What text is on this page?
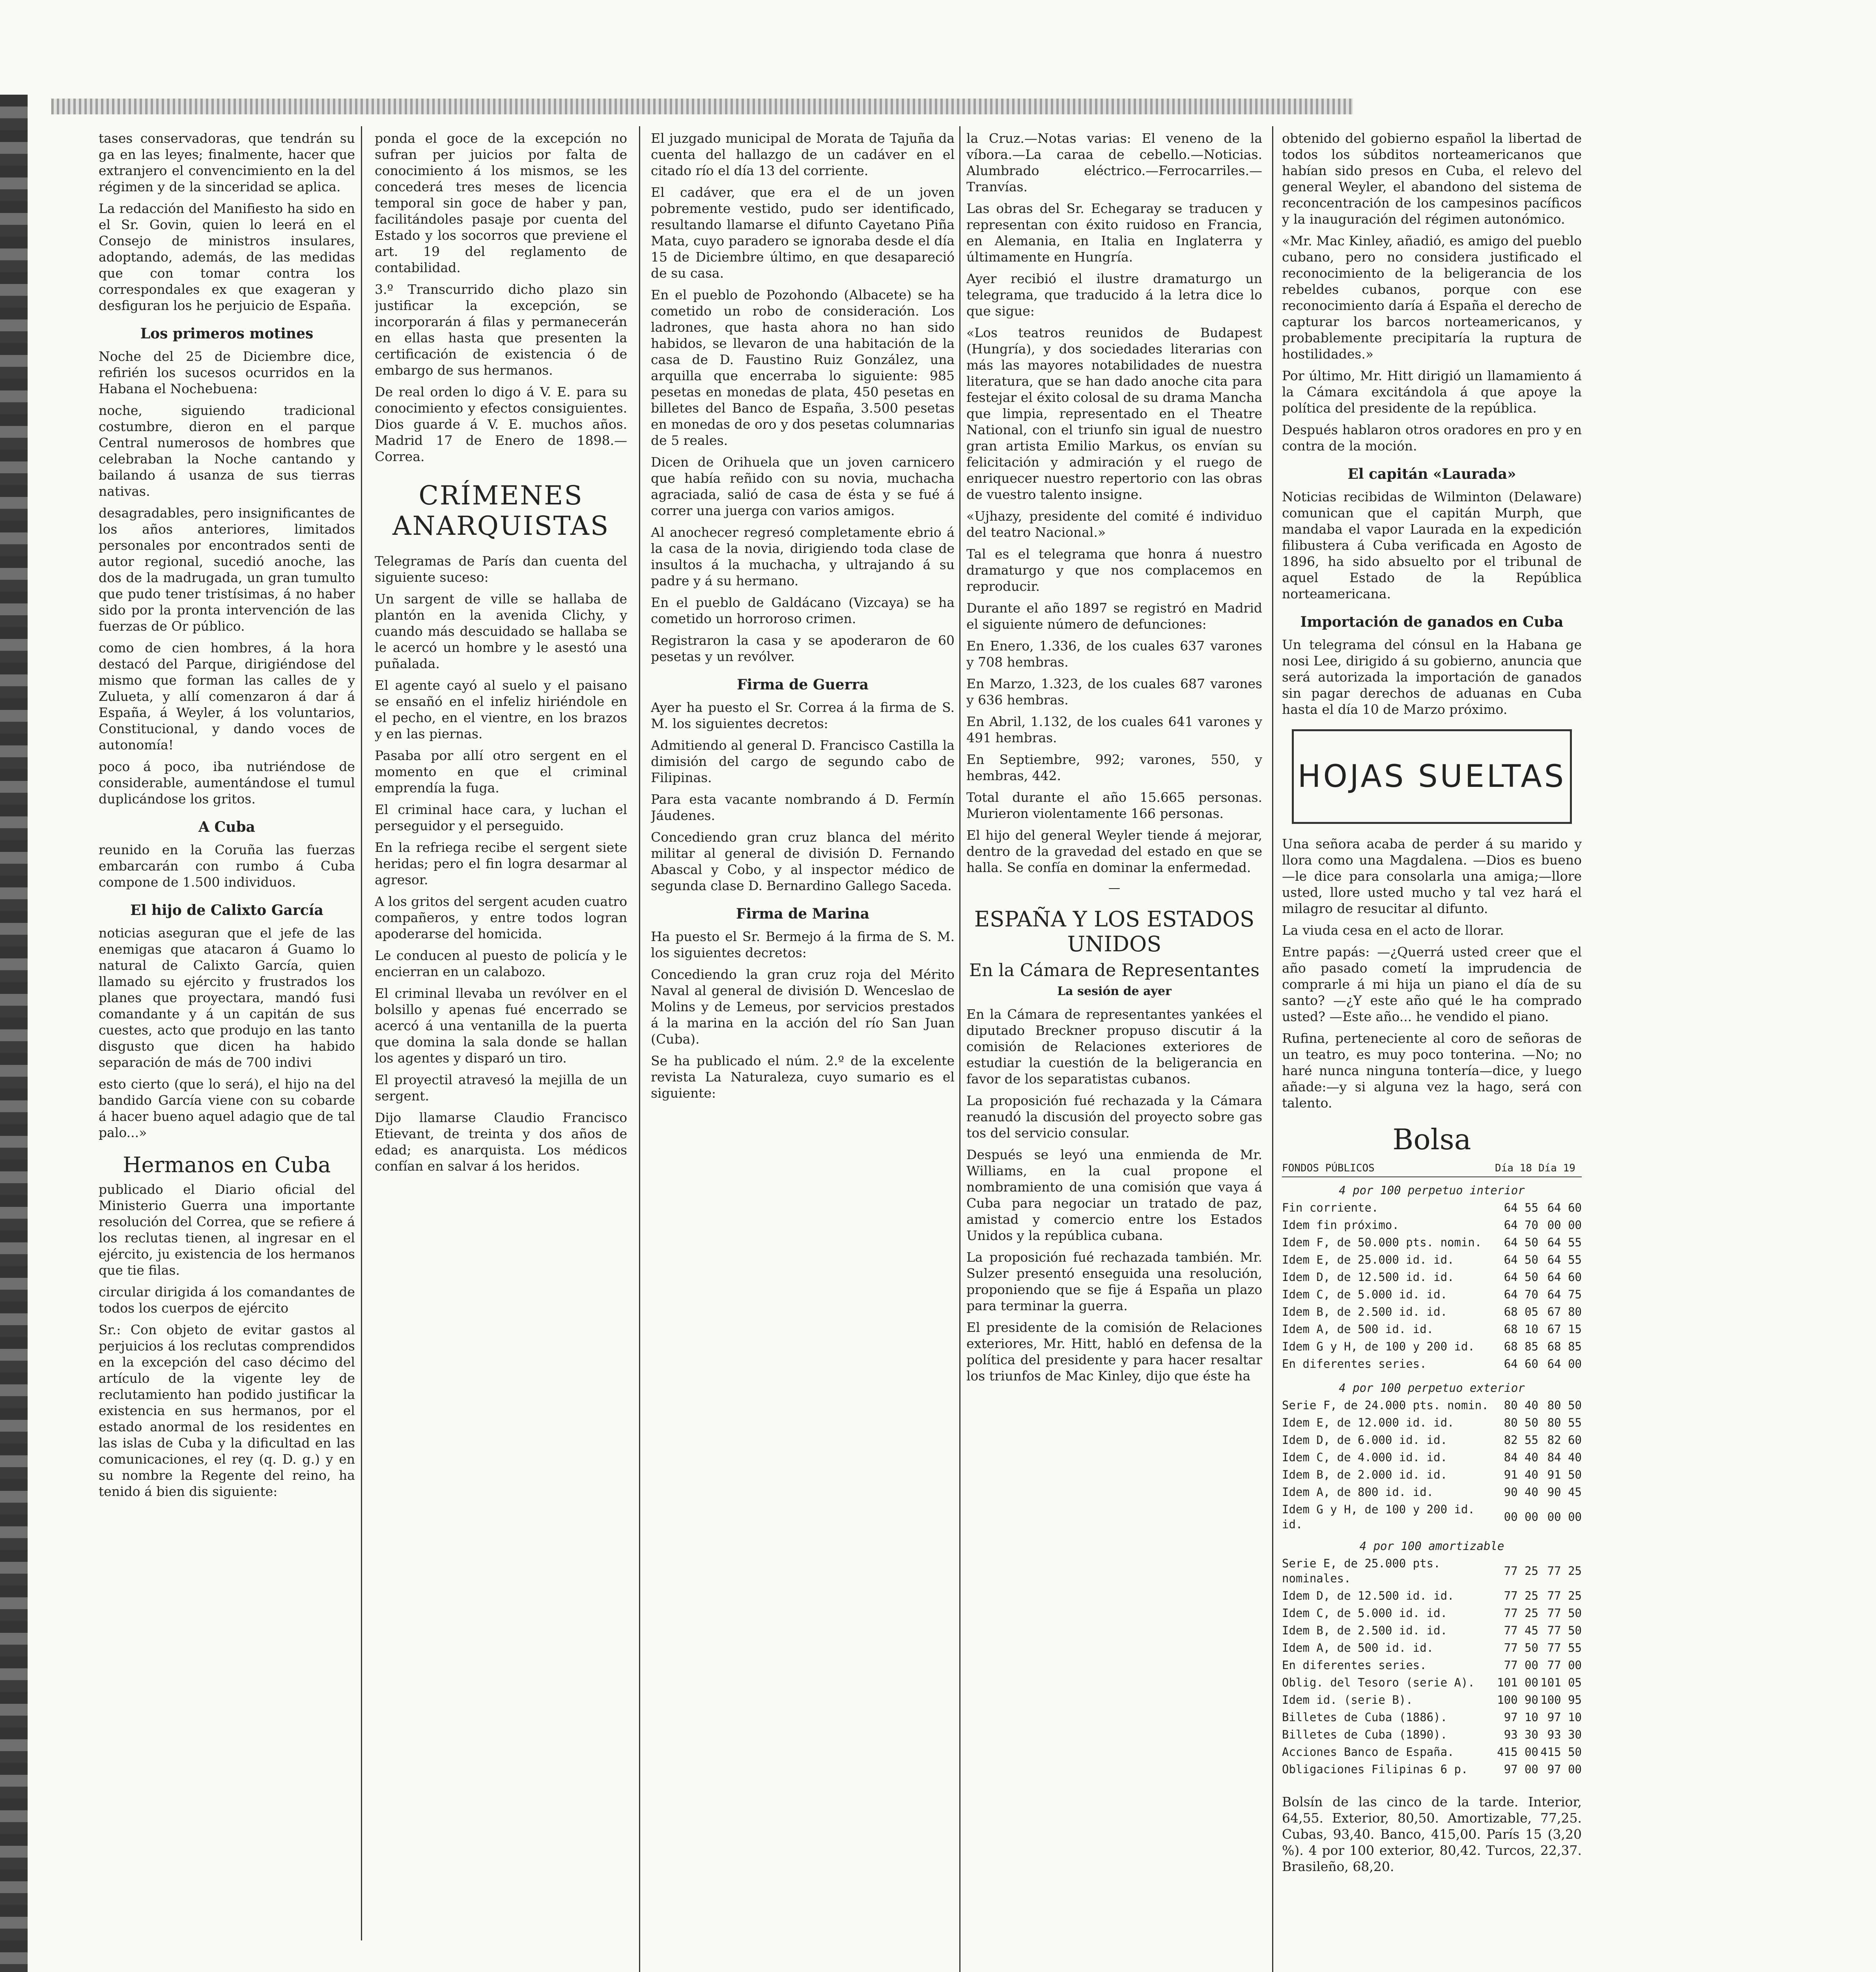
tases conservadoras, que tendrán su ga en las leyes; finalmente, hacer que extranjero el convencimiento en la del régimen y de la sinceridad se aplica.

La redacción del Manifiesto ha sido en el Sr. Govin, quien lo leerá en el Consejo de ministros insulares, adoptando, además, de las medidas que con tomar contra los correspondales ex que exageran y desfiguran los he perjuicio de España.

Los primeros motines

Noche del 25 de Diciembre dice, refirién los sucesos ocurridos en la Habana el Nochebuena:

noche, siguiendo tradicional costumbre, dieron en el parque Central numerosos de hombres que celebraban la Noche cantando y bailando á usanza de sus tierras nativas.

desagradables, pero insignificantes de los años anteriores, limitados personales por encontrados senti de autor regional, sucedió anoche, las dos de la madrugada, un gran tumulto que pudo tener tristísimas, á no haber sido por la pronta intervención de las fuerzas de Or público.

como de cien hombres, á la hora destacó del Parque, dirigiéndose del mismo que forman las calles de y Zulueta, y allí comenzaron á dar á España, á Weyler, á los voluntarios, Constitucional, y dando voces de autonomía!

poco á poco, iba nutriéndose de considerable, aumentándose el tumul duplicándose los gritos.

A Cuba

reunido en la Coruña las fuerzas embarcarán con rumbo á Cuba compone de 1.500 individuos.

El hijo de Calixto García

noticias aseguran que el jefe de las enemigas que atacaron á Guamo lo natural de Calixto García, quien llamado su ejército y frustrados los planes que proyectara, mandó fusi comandante y á un capitán de sus cuestes, acto que produjo en las tanto disgusto que dicen ha habido separación de más de 700 indivi

esto cierto (que lo será), el hijo na del bandido García viene con su cobarde á hacer bueno aquel adagio que de tal palo...»

Hermanos en Cuba

publicado el Diario oficial del Ministerio Guerra una importante resolución del Correa, que se refiere á los reclutas tienen, al ingresar en el ejército, ju existencia de los hermanos que tie filas.

circular dirigida á los comandantes de todos los cuerpos de ejército

Sr.: Con objeto de evitar gastos al perjuicios á los reclutas comprendidos en la excepción del caso décimo del artículo de la vigente ley de reclutamiento han podido justificar la existencia en sus hermanos, por el estado anormal de los residentes en las islas de Cuba y la dificultad en las comunicaciones, el rey (q. D. g.) y en su nombre la Regente del reino, ha tenido á bien dis siguiente:

ponda el goce de la excepción no sufran per juicios por falta de conocimiento á los mismos, se les concederá tres meses de licencia temporal sin goce de haber y pan, facilitándoles pasaje por cuenta del Estado y los socorros que previene el art. 19 del reglamento de contabilidad.

3.º Transcurrido dicho plazo sin justificar la excepción, se incorporarán á filas y permanecerán en ellas hasta que presenten la certificación de existencia ó de embargo de sus hermanos.

De real orden lo digo á V. E. para su conocimiento y efectos consiguientes. Dios guarde á V. E. muchos años. Madrid 17 de Enero de 1898.—Correa.

CRÍMENES ANARQUISTAS

Telegramas de París dan cuenta del siguiente suceso:

Un sargent de ville se hallaba de plantón en la avenida Clichy, y cuando más descuidado se hallaba se le acercó un hombre y le asestó una puñalada.

El agente cayó al suelo y el paisano se ensañó en el infeliz hiriéndole en el pecho, en el vientre, en los brazos y en las piernas.

Pasaba por allí otro sergent en el momento en que el criminal emprendía la fuga.

El criminal hace cara, y luchan el perseguidor y el perseguido.

En la refriega recibe el sergent siete heridas; pero el fin logra desarmar al agresor.

A los gritos del sergent acuden cuatro compañeros, y entre todos logran apoderarse del homicida.

Le conducen al puesto de policía y le encierran en un calabozo.

El criminal llevaba un revólver en el bolsillo y apenas fué encerrado se acercó á una ventanilla de la puerta que domina la sala donde se hallan los agentes y disparó un tiro.

El proyectil atravesó la mejilla de un sergent.

Dijo llamarse Claudio Francisco Etievant, de treinta y dos años de edad; es anarquista. Los médicos confían en salvar á los heridos.

El juzgado municipal de Morata de Tajuña da cuenta del hallazgo de un cadáver en el citado río el día 13 del corriente.

El cadáver, que era el de un joven pobremente vestido, pudo ser identificado, resultando llamarse el difunto Cayetano Piña Mata, cuyo paradero se ignoraba desde el día 15 de Diciembre último, en que desapareció de su casa.

En el pueblo de Pozohondo (Albacete) se ha cometido un robo de consideración. Los ladrones, que hasta ahora no han sido habidos, se llevaron de una habitación de la casa de D. Faustino Ruiz González, una arquilla que encerraba lo siguiente: 985 pesetas en monedas de plata, 450 pesetas en billetes del Banco de España, 3.500 pesetas en monedas de oro y dos pesetas columnarias de 5 reales.

Dicen de Orihuela que un joven carnicero que había reñido con su novia, muchacha agraciada, salió de casa de ésta y se fué á correr una juerga con varios amigos.

Al anochecer regresó completamente ebrio á la casa de la novia, dirigiendo toda clase de insultos á la muchacha, y ultrajando á su padre y á su hermano.

En el pueblo de Galdácano (Vizcaya) se ha cometido un horroroso crimen.

Registraron la casa y se apoderaron de 60 pesetas y un revólver.

Firma de Guerra

Ayer ha puesto el Sr. Correa á la firma de S. M. los siguientes decretos:

Admitiendo al general D. Francisco Castilla la dimisión del cargo de segundo cabo de Filipinas.

Para esta vacante nombrando á D. Fermín Jáudenes.

Concediendo gran cruz blanca del mérito militar al general de división D. Fernando Abascal y Cobo, y al inspector médico de segunda clase D. Bernardino Gallego Saceda.

Firma de Marina

Ha puesto el Sr. Bermejo á la firma de S. M. los siguientes decretos:

Concediendo la gran cruz roja del Mérito Naval al general de división D. Wenceslao de Molins y de Lemeus, por servicios prestados á la marina en la acción del río San Juan (Cuba).

Se ha publicado el núm. 2.º de la excelente revista La Naturaleza, cuyo sumario es el siguiente:

la Cruz.—Notas varias: El veneno de la víbora.—La caraa de cebello.—Noticias. Alumbrado eléctrico.—Ferrocarriles.—Tranvías.

Las obras del Sr. Echegaray se traducen y representan con éxito ruidoso en Francia, en Alemania, en Italia en Inglaterra y últimamente en Hungría.

Ayer recibió el ilustre dramaturgo un telegrama, que traducido á la letra dice lo que sigue:

«Los teatros reunidos de Budapest (Hungría), y dos sociedades literarias con más las mayores notabilidades de nuestra literatura, que se han dado anoche cita para festejar el éxito colosal de su drama Mancha que limpia, representado en el Theatre National, con el triunfo sin igual de nuestro gran artista Emilio Markus, os envían su felicitación y admiración y el ruego de enriquecer nuestro repertorio con las obras de vuestro talento insigne.

«Ujhazy, presidente del comité é individuo del teatro Nacional.»

Tal es el telegrama que honra á nuestro dramaturgo y que nos complacemos en reproducir.

Durante el año 1897 se registró en Madrid el siguiente número de defunciones:

En Enero, 1.336, de los cuales 637 varones y 708 hembras.

En Marzo, 1.323, de los cuales 687 varones y 636 hembras.

En Abril, 1.132, de los cuales 641 varones y 491 hembras.

En Septiembre, 992; varones, 550, y hembras, 442.

Total durante el año 15.665 personas. Murieron violentamente 166 personas.

El hijo del general Weyler tiende á mejorar, dentro de la gravedad del estado en que se halla. Se confía en dominar la enfermedad.

—
ESPAÑA Y LOS ESTADOS UNIDOS
En la Cámara de Representantes
La sesión de ayer

En la Cámara de representantes yankées el diputado Breckner propuso discutir á la comisión de Relaciones exteriores de estudiar la cuestión de la beligerancia en favor de los separatistas cubanos.

La proposición fué rechazada y la Cámara reanudó la discusión del proyecto sobre gas tos del servicio consular.

Después se leyó una enmienda de Mr. Williams, en la cual propone el nombramiento de una comisión que vaya á Cuba para negociar un tratado de paz, amistad y comercio entre los Estados Unidos y la república cubana.

La proposición fué rechazada también. Mr. Sulzer presentó enseguida una resolución, proponiendo que se fije á España un plazo para terminar la guerra.

El presidente de la comisión de Relaciones exteriores, Mr. Hitt, habló en defensa de la política del presidente y para hacer resaltar los triunfos de Mac Kinley, dijo que éste ha

obtenido del gobierno español la libertad de todos los súbditos norteamericanos que habían sido presos en Cuba, el relevo del general Weyler, el abandono del sistema de reconcentración de los campesinos pacíficos y la inauguración del régimen autonómico.

«Mr. Mac Kinley, añadió, es amigo del pueblo cubano, pero no considera justificado el reconocimiento de la beligerancia de los rebeldes cubanos, porque con ese reconocimiento daría á España el derecho de capturar los barcos norteamericanos, y probablemente precipitaría la ruptura de hostilidades.»

Por último, Mr. Hitt dirigió un llamamiento á la Cámara excitándola á que apoye la política del presidente de la república.

Después hablaron otros oradores en pro y en contra de la moción.

El capitán «Laurada»

Noticias recibidas de Wilminton (Delaware) comunican que el capitán Murph, que mandaba el vapor Laurada en la expedición filibustera á Cuba verificada en Agosto de 1896, ha sido absuelto por el tribunal de aquel Estado de la República norteamericana.

Importación de ganados en Cuba

Un telegrama del cónsul en la Habana ge nosi Lee, dirigido á su gobierno, anuncia que será autorizada la importación de ganados sin pagar derechos de aduanas en Cuba hasta el día 10 de Marzo próximo.

HOJAS SUELTAS

Una señora acaba de perder á su marido y llora como una Magdalena. —Dios es bueno—le dice para consolarla una amiga;—llore usted, llore usted mucho y tal vez hará el milagro de resucitar al difunto.

La viuda cesa en el acto de llorar.

Entre papás: —¿Querrá usted creer que el año pasado cometí la imprudencia de comprarle á mi hija un piano el día de su santo? —¿Y este año qué le ha comprado usted? —Este año... he vendido el piano.

Rufina, perteneciente al coro de señoras de un teatro, es muy poco tonterina. —No; no haré nunca ninguna tontería—dice, y luego añade:—y si alguna vez la hago, será con talento.

Bolsa
FONDOS PÚBLICOS	Día 18	Día 19
4 por 100 perpetuo interior		
Fin corriente.	64 55	64 60
Idem fin próximo.	64 70	00 00
Idem F, de 50.000 pts. nomin.	64 50	64 55
Idem E, de 25.000 id. id.	64 50	64 55
Idem D, de 12.500 id. id.	64 50	64 60
Idem C, de 5.000 id. id.	64 70	64 75
Idem B, de 2.500 id. id.	68 05	67 80
Idem A, de 500 id. id.	68 10	67 15
Idem G y H, de 100 y 200 id.	68 85	68 85
En diferentes series.	64 60	64 00

4 por 100 perpetuo exterior		
Serie F, de 24.000 pts. nomin.	80 40	80 50
Idem E, de 12.000 id. id.	80 50	80 55
Idem D, de 6.000 id. id.	82 55	82 60
Idem C, de 4.000 id. id.	84 40	84 40
Idem B, de 2.000 id. id.	91 40	91 50
Idem A, de 800 id. id.	90 40	90 45
Idem G y H, de 100 y 200 id. id.	00 00	00 00
4 por 100 amortizable		
Serie E, de 25.000 pts. nominales.	77 25	77 25
Idem D, de 12.500 id. id.	77 25	77 25
Idem C, de 5.000 id. id.	77 25	77 50
Idem B, de 2.500 id. id.	77 45	77 50
Idem A, de 500 id. id.	77 50	77 55
En diferentes series.	77 00	77 00
Oblig. del Tesoro (serie A).	101 00	101 05
Idem id. (serie B).	100 90	100 95
Billetes de Cuba (1886).	97 10	97 10
Billetes de Cuba (1890).	93 30	93 30
Acciones Banco de España.	415 00	415 50
Obligaciones Filipinas 6 p.	97 00	97 00

Bolsín de las cinco de la tarde. Interior, 64,55. Exterior, 80,50. Amortizable, 77,25. Cubas, 93,40. Banco, 415,00. París 15 (3,20 %). 4 por 100 exterior, 80,42. Turcos, 22,37. Brasileño, 68,20.
